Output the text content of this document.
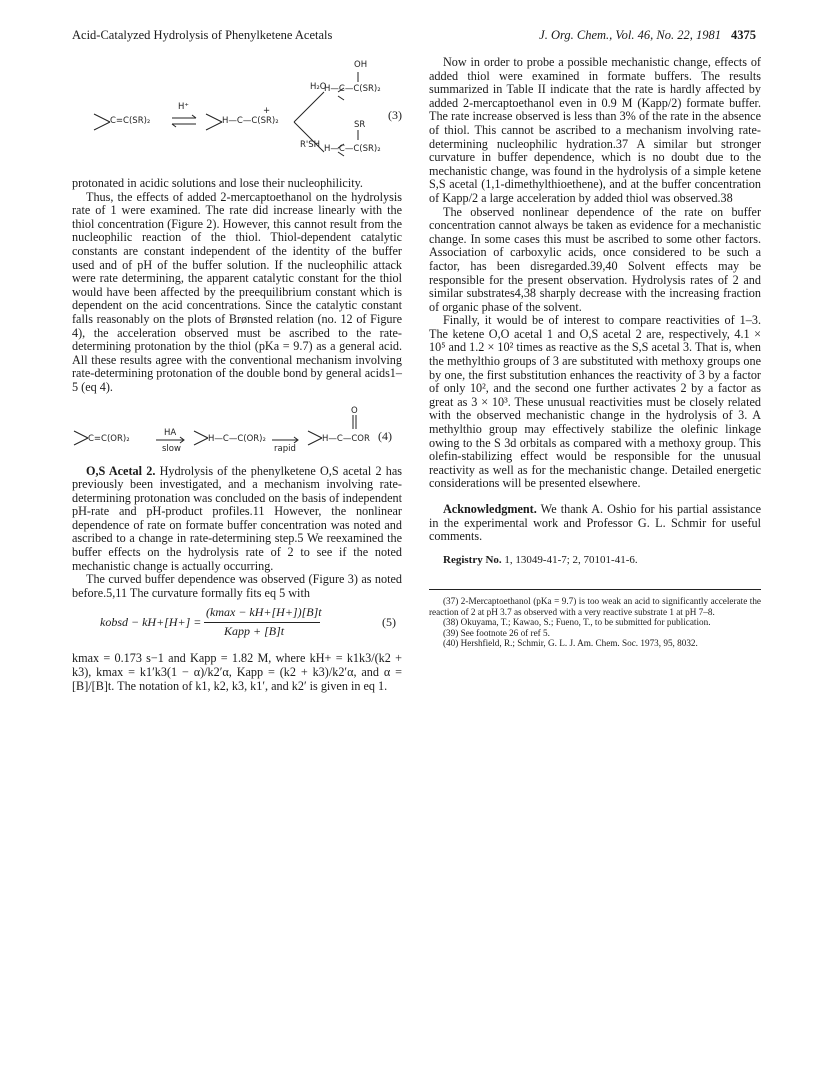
Acid-Catalyzed Hydrolysis of Phenylketene Acetals	J. Org. Chem., Vol. 46, No. 22, 1981 4375
C=C(SR)₂
H⁺
H—C—C(SR)₂
+
H₂O
R'SH
OH
H—C—C(SR)₂
SR
H—C—C(SR)₂
(3)

protonated in acidic solutions and lose their nucleophilicity.

Thus, the effects of added 2-mercaptoethanol on the hydrolysis rate of 1 were examined. The rate did increase linearly with the thiol concentration (Figure 2). However, this cannot result from the nucleophilic reaction of the thiol. Thiol-dependent catalytic constants are constant independent of the identity of the buffer used and of pH of the buffer solution. If the nucleophilic attack were rate determining, the apparent catalytic constant for the thiol would have been affected by the preequilibrium constant which is dependent on the acid concentrations. Since the catalytic constant falls reasonably on the plots of Brønsted relation (no. 12 of Figure 4), the acceleration observed must be ascribed to the rate-determining protonation by the thiol (pKa = 9.7) as a general acid. All these results agree with the conventional mechanism involving rate-determining protonation of the double bond by general acids1–5 (eq 4).

C=C(OR)₂
HA
slow
H—C—C(OR)₂
rapid
O
H—C—COR (4)

O,S Acetal 2. Hydrolysis of the phenylketene O,S acetal 2 has previously been investigated, and a mechanism involving rate-determining protonation was concluded on the basis of independent pH-rate and pH-product profiles.11 However, the nonlinear dependence of rate on formate buffer concentration was noted and ascribed to a change in rate-determining step.5 We reexamined the buffer effects on the hydrolysis rate of 2 to see if the noted mechanistic change is actually occurring.

The curved buffer dependence was observed (Figure 3) as noted before.5,11 The curvature formally fits eq 5 with

kobsd − kH+[H+] =
(kmax − kH+[H+])[B]t
Kapp + [B]t
(5)

kmax = 0.173 s−1 and Kapp = 1.82 M, where kH+ = k1k3/(k2 + k3), kmax = k1′k3(1 − α)/k2′α, Kapp = (k2 + k3)/k2′α, and α = [B]/[B]t. The notation of k1, k2, k3, k1′, and k2′ is given in eq 1.

Now in order to probe a possible mechanistic change, effects of added thiol were examined in formate buffers. The results summarized in Table II indicate that the rate is hardly affected by added 2-mercaptoethanol even in 0.9 M (Kapp/2) formate buffer. The rate increase observed is less than 3% of the rate in the absence of thiol. This cannot be ascribed to a mechanism involving rate-determining nucleophilic hydration.37 A similar but stronger curvature in buffer dependence, which is no doubt due to the mechanistic change, was found in the hydrolysis of a simple ketene S,S acetal (1,1-dimethylthioethene), and at the buffer concentration of Kapp/2 a large acceleration by added thiol was observed.38

The observed nonlinear dependence of the rate on buffer concentration cannot always be taken as evidence for a mechanistic change. In some cases this must be ascribed to some other factors. Association of carboxylic acids, once considered to be such a factor, has been disregarded.39,40 Solvent effects may be responsible for the present observation. Hydrolysis rates of 2 and similar substrates4,38 sharply decrease with the increasing fraction of organic phase of the solvent.

Finally, it would be of interest to compare reactivities of 1–3. The ketene O,O acetal 1 and O,S acetal 2 are, respectively, 4.1 × 10⁵ and 1.2 × 10² times as reactive as the S,S acetal 3. That is, when the methylthio groups of 3 are substituted with methoxy groups one by one, the first substitution enhances the reactivity of 3 by a factor of only 10², and the second one further activates 2 by a factor as great as 3 × 10³. These unusual reactivities must be closely related with the observed mechanistic change in the hydrolysis of 3. A methylthio group may effectively stabilize the olefinic linkage owing to the S 3d orbitals as compared with a methoxy group. This olefin-stabilizing effect would be responsible for the unusual reactivity as well as for the mechanistic change. Detailed energetic considerations will be presented elsewhere.

Acknowledgment. We thank A. Oshio for his partial assistance in the experimental work and Professor G. L. Schmir for useful comments.

Registry No. 1, 13049-41-7; 2, 70101-41-6.

(37) 2-Mercaptoethanol (pKa = 9.7) is too weak an acid to significantly accelerate the reaction of 2 at pH 3.7 as observed with a very reactive substrate 1 at pH 7–8.

(38) Okuyama, T.; Kawao, S.; Fueno, T., to be submitted for publication.

(39) See footnote 26 of ref 5.

(40) Hershfield, R.; Schmir, G. L. J. Am. Chem. Soc. 1973, 95, 8032.
